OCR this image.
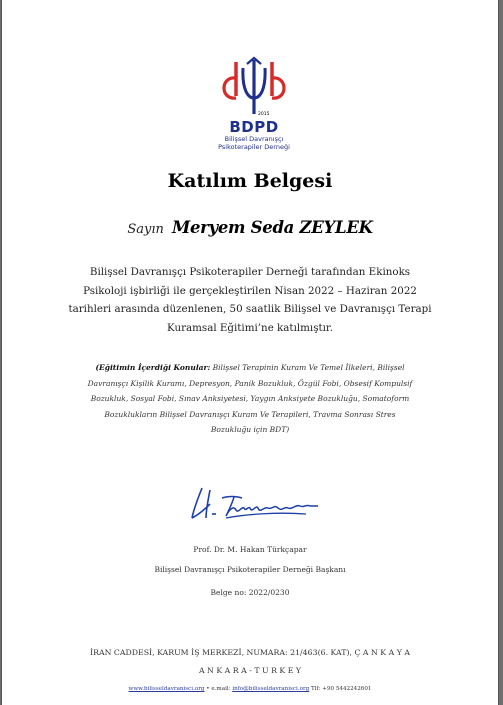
2015
BDPD
Bilişsel Davranışçı
Psikoterapiler Derneği
Katılım Belgesi
Sayın Meryem Seda ZEYLEK
Bilişsel Davranışçı Psikoterapiler Derneği tarafından Ekinoks
Psikoloji işbirliği ile gerçekleştirilen Nisan 2022 – Haziran 2022
tarihleri arasında düzenlenen, 50 saatlik Bilişsel ve Davranışçı Terapi
Kuramsal Eğitimi’ne katılmıştır.
(Eğitimin İçerdiği Konular: Bilişsel Terapinin Kuram Ve Temel İlkeleri, Bilişsel
Davranışçı Kişilik Kuramı, Depresyon, Panik Bozukluk, Özgül Fobi, Obsesif Kompulsif
Bozukluk, Sosyal Fobi, Sınav Anksiyetesi, Yaygın Anksiyete Bozukluğu, Somatoform
Bozuklukların Bilişsel Davranışçı Kuram Ve Terapileri, Travma Sonrası Stres
Bozukluğu için BDT)
Prof. Dr. M. Hakan Türkçapar
Bilişsel Davranışçı Psikoterapiler Derneği Başkanı
Belge no: 2022/0230
İRAN CADDESİ, KARUM İŞ MERKEZİ, NUMARA: 21/463(6. KAT), Ç A N K A Y A
A N K A R A - T U R K E Y
www.bilisseldavranisci.org • e.mail: info@bilisseldavranisci.org Tlf: +90 5442242601
